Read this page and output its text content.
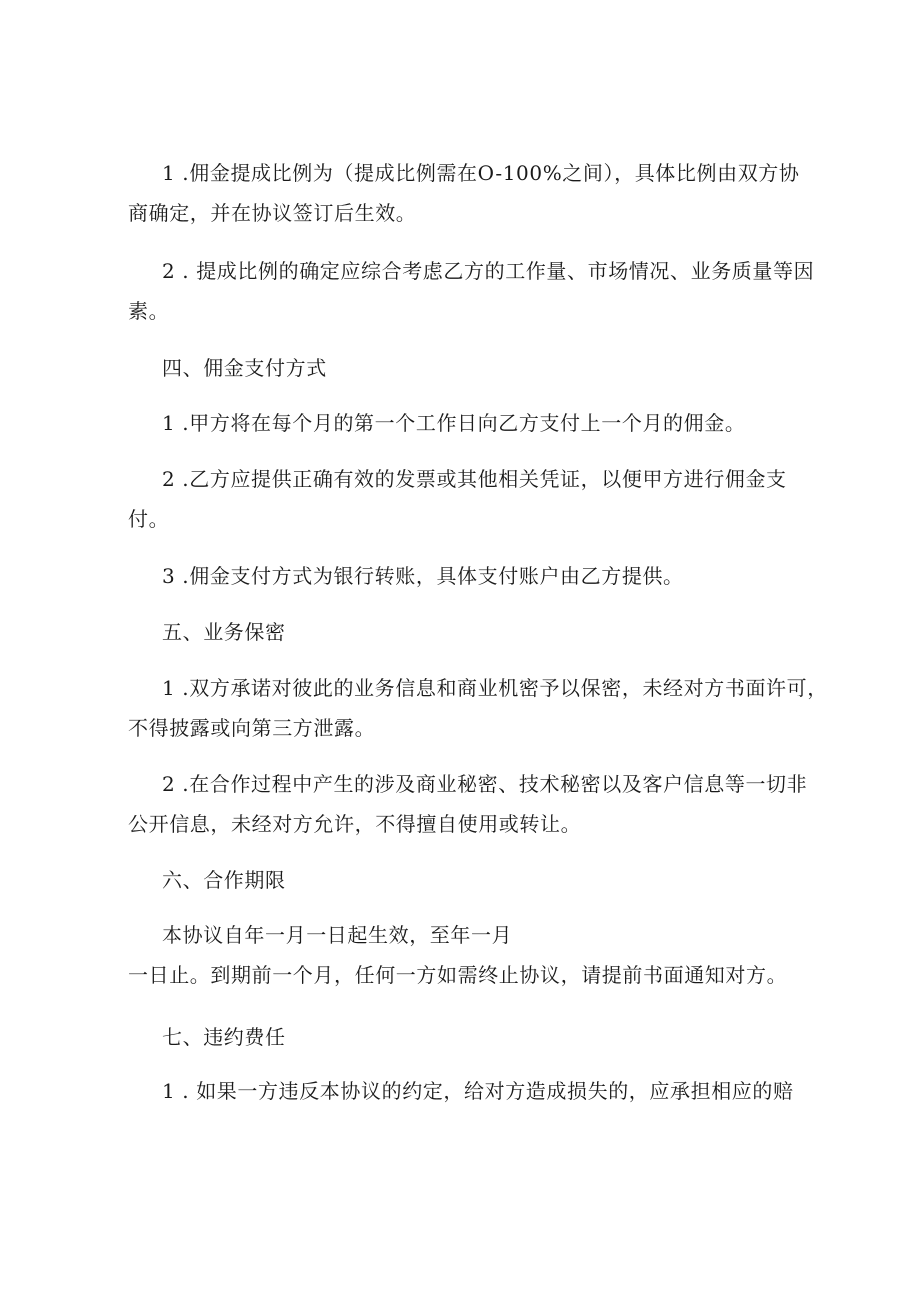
1 .佣金提成比例为（提成比例需在O-100%之间），具体比例由双方协
商确定，并在协议签订后生效。
2 . 提成比例的确定应综合考虑乙方的工作量、市场情况、业务质量等因
素。
四、佣金支付方式
1 .甲方将在每个月的第一个工作日向乙方支付上一个月的佣金。
2 .乙方应提供正确有效的发票或其他相关凭证，以便甲方进行佣金支
付。
3 .佣金支付方式为银行转账，具体支付账户由乙方提供。
五、业务保密
1 .双方承诺对彼此的业务信息和商业机密予以保密，未经对方书面许可，
不得披露或向第三方泄露。
2 .在合作过程中产生的涉及商业秘密、技术秘密以及客户信息等一切非
公开信息，未经对方允许，不得擅自使用或转让。
六、合作期限
本协议自年一月一日起生效，至年一月
一日止。到期前一个月，任何一方如需终止协议，请提前书面通知对方。
七、违约费任
1 . 如果一方违反本协议的约定，给对方造成损失的，应承担相应的赔
